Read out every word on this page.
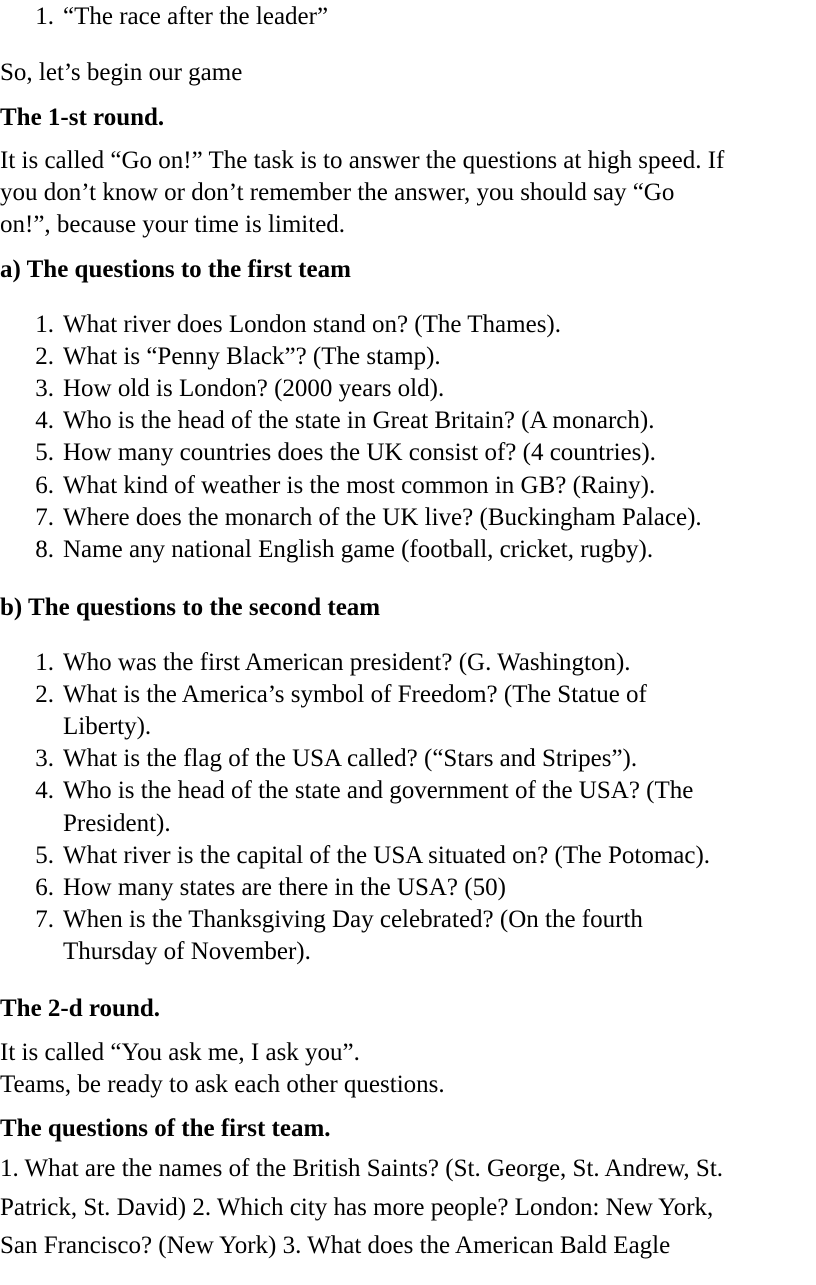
1. “The race after the leader”
So, let’s begin our game
The 1-st round.
It is called “Go on!” The task is to answer the questions at high speed. If
you don’t know or don’t remember the answer, you should say “Go
on!”, because your time is limited.
a) The questions to the first team
1. What river does London stand on? (The Thames).
2. What is “Penny Black”? (The stamp).
3. How old is London? (2000 years old).
4. Who is the head of the state in Great Britain? (A monarch).
5. How many countries does the UK consist of? (4 countries).
6. What kind of weather is the most common in GB? (Rainy).
7. Where does the monarch of the UK live? (Buckingham Palace).
8. Name any national English game (football, cricket, rugby).
b) The questions to the second team
1. Who was the first American president? (G. Washington).
2. What is the America’s symbol of Freedom? (The Statue of
Liberty).
3. What is the flag of the USA called? (“Stars and Stripes”).
4. Who is the head of the state and government of the USA? (The
President).
5. What river is the capital of the USA situated on? (The Potomac).
6. How many states are there in the USA? (50)
7. When is the Thanksgiving Day celebrated? (On the fourth
Thursday of November).
The 2-d round.
It is called “You ask me, I ask you”.
Teams, be ready to ask each other questions.
The questions of the first team.
1. What are the names of the British Saints? (St. George, St. Andrew, St.
Patrick, St. David) 2. Which city has more people? London: New York,
San Francisco? (New York) 3. What does the American Bald Eagle
